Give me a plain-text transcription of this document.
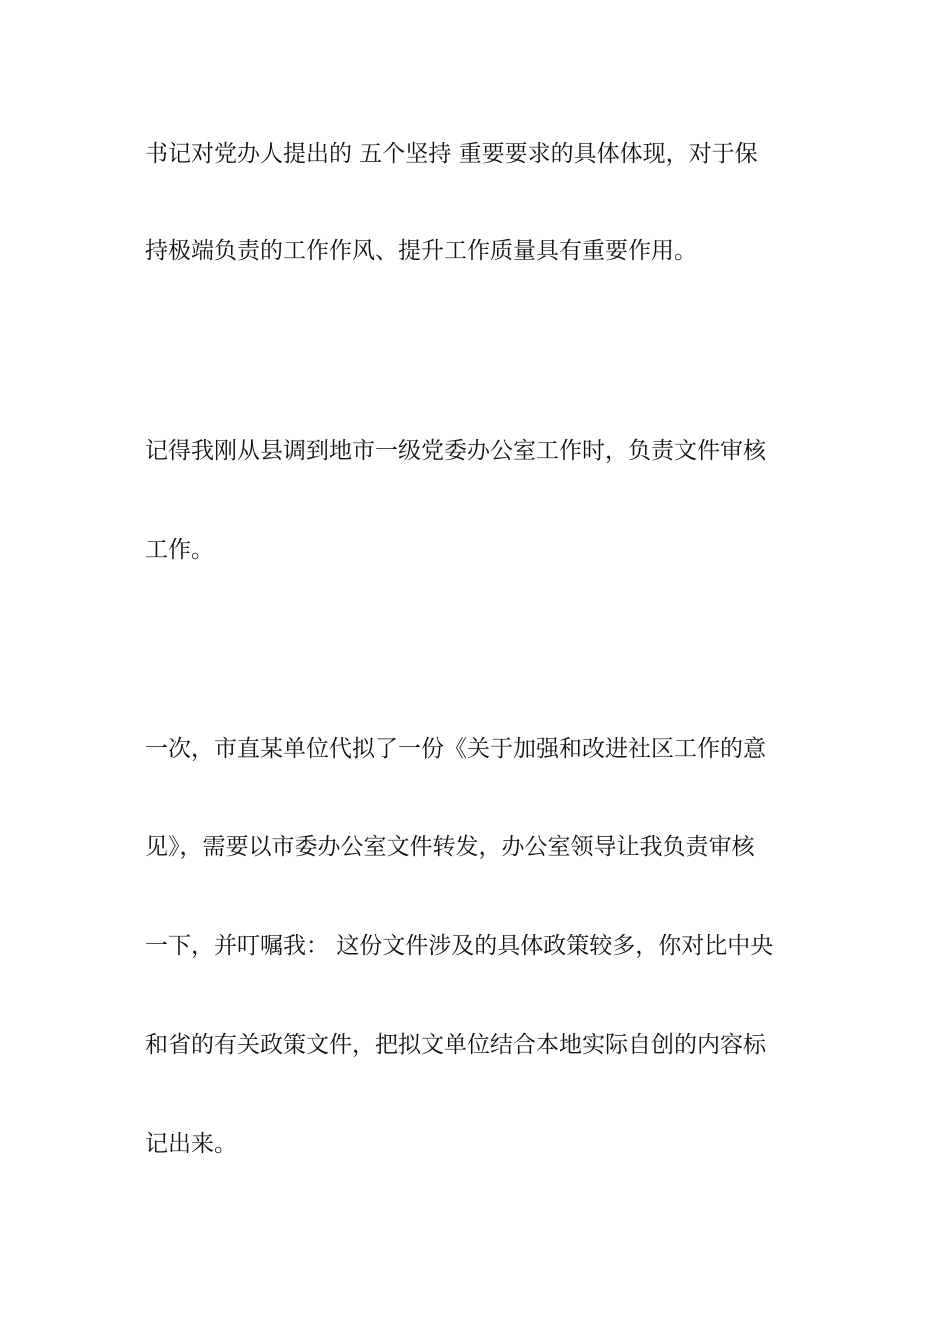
书记对党办人提出的 五个坚持 重要要求的具体体现，对于保
持极端负责的工作作风、提升工作质量具有重要作用。
记得我刚从县调到地市一级党委办公室工作时，负责文件审核
工作。
一次，市直某单位代拟了一份《关于加强和改进社区工作的意
见》，需要以市委办公室文件转发，办公室领导让我负责审核
一下，并叮嘱我： 这份文件涉及的具体政策较多，你对比中央
和省的有关政策文件，把拟文单位结合本地实际自创的内容标
记出来。
